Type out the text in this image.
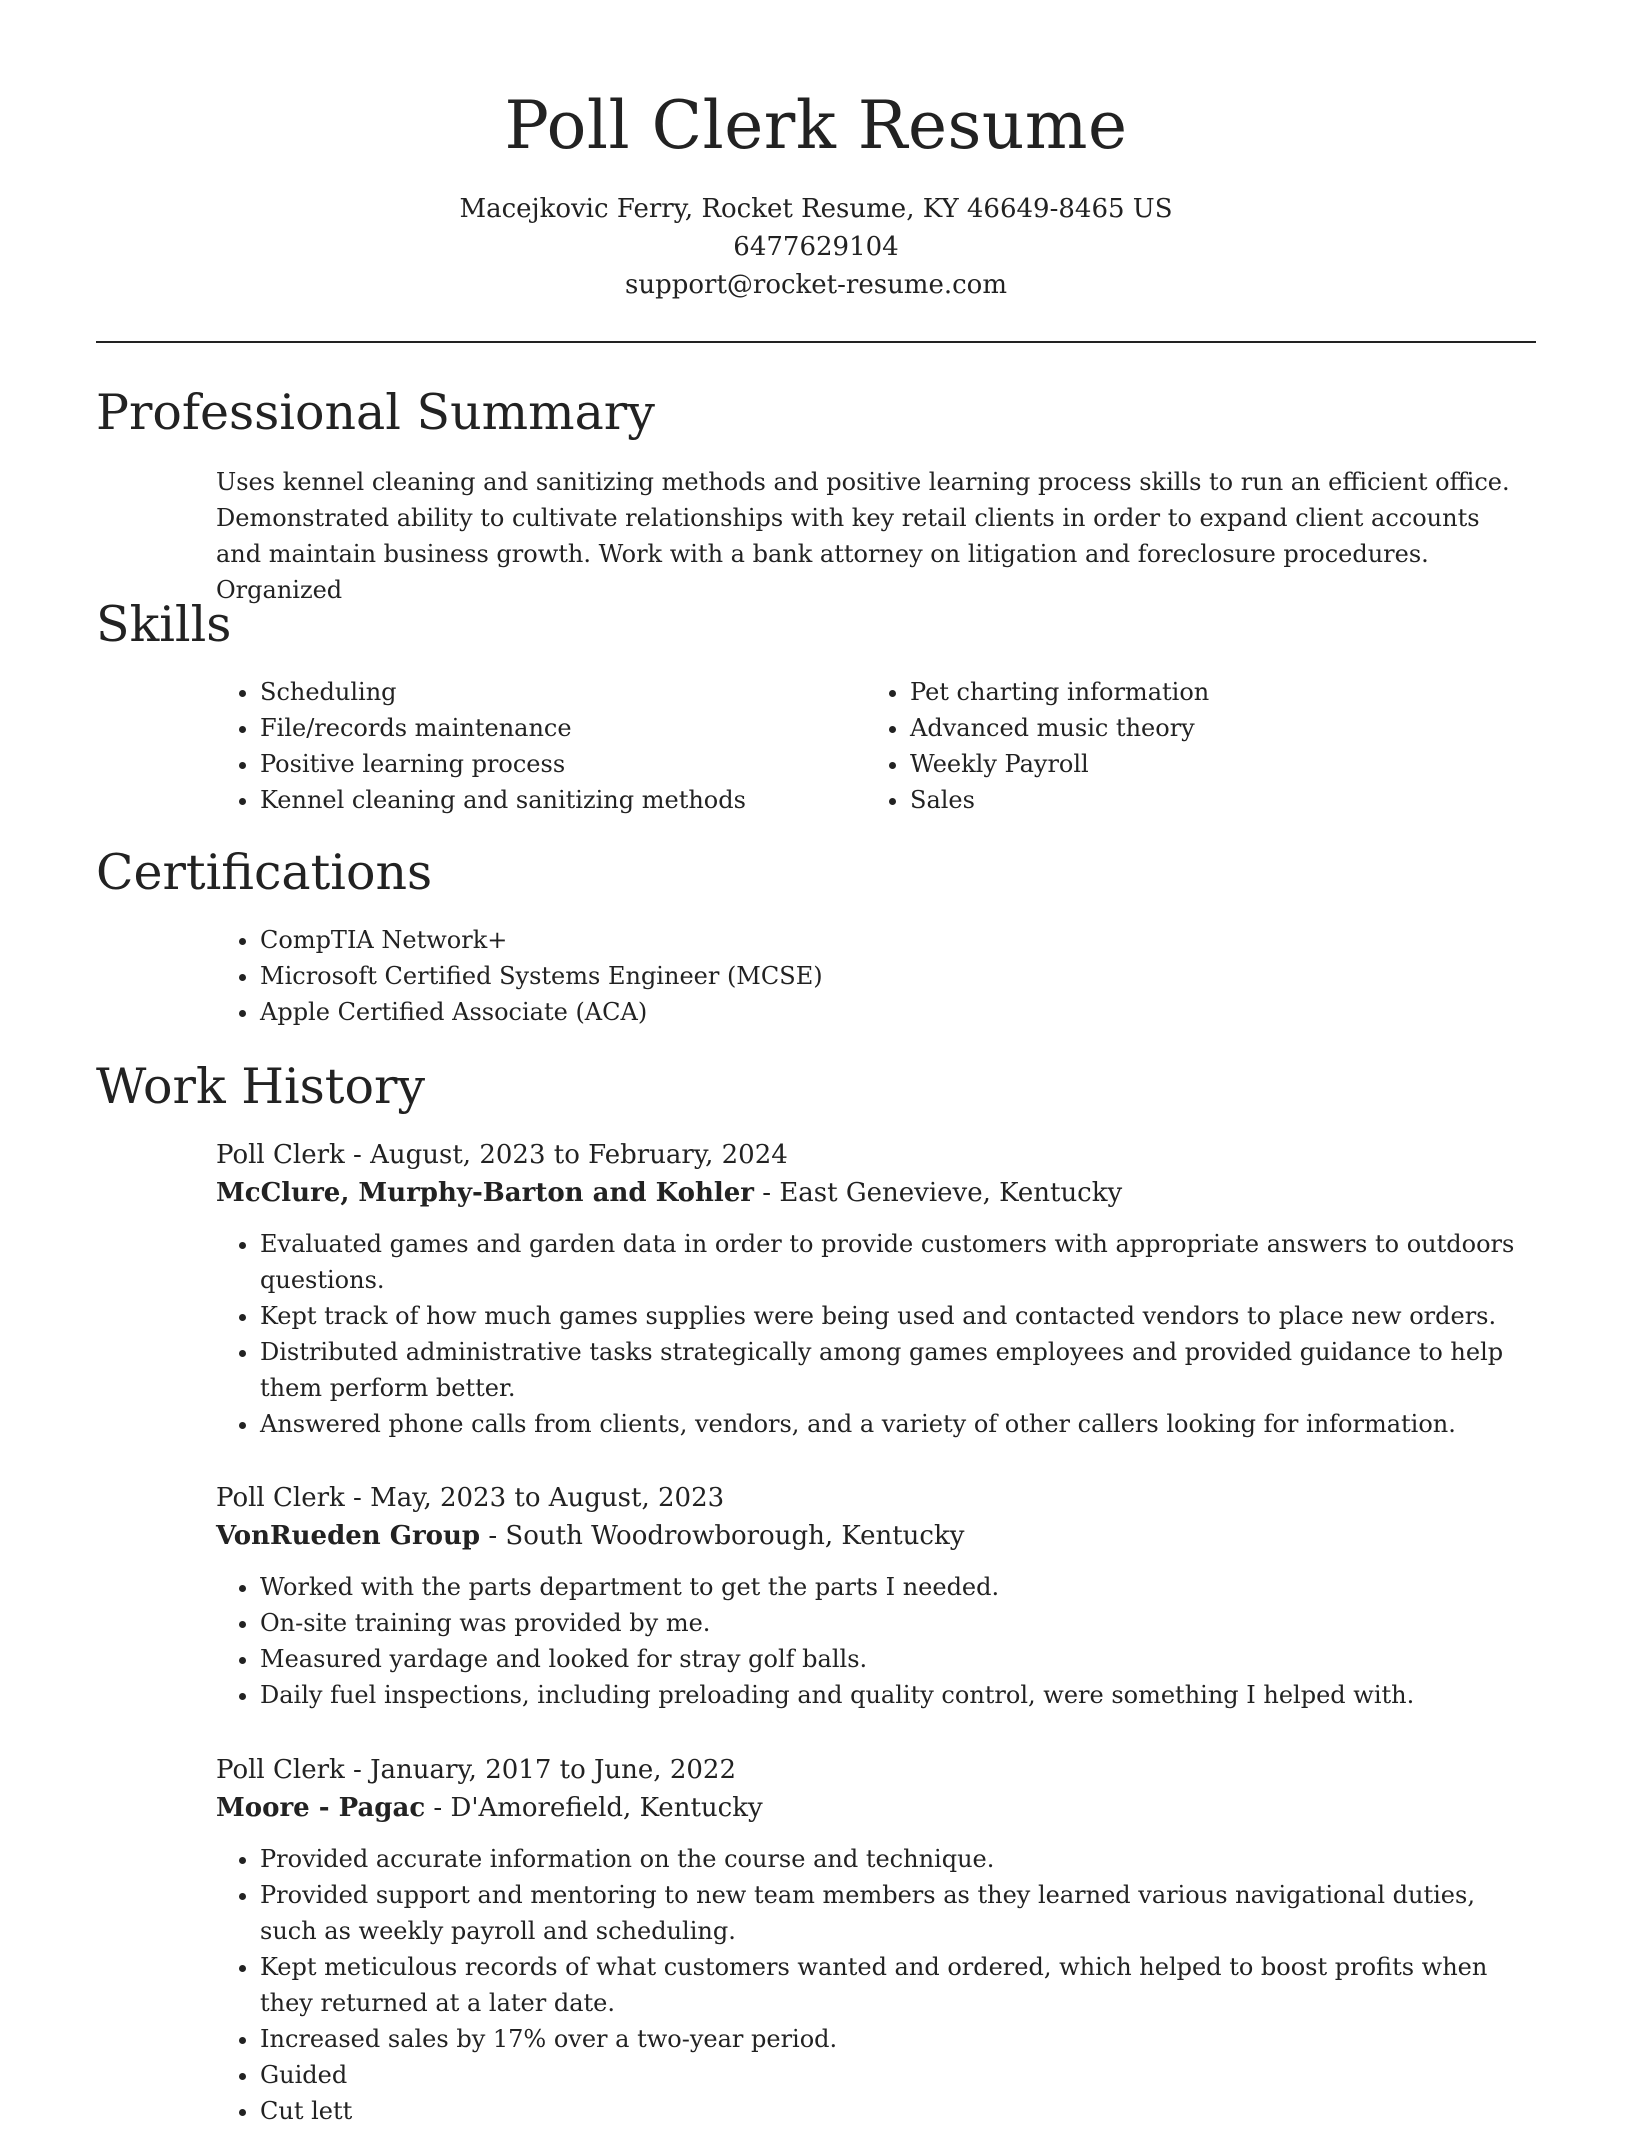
Poll Clerk Resume
Macejkovic Ferry, Rocket Resume, KY 46649-8465 US
6477629104
support@rocket-resume.com
Professional Summary

Uses kennel cleaning and sanitizing methods and positive learning process skills to run an efficient office. Demonstrated ability to cultivate relationships with key retail clients in order to expand client accounts and maintain business growth. Work with a bank attorney on litigation and foreclosure procedures. Organized

Skills
• Scheduling
• File/records maintenance
• Positive learning process
• Kennel cleaning and sanitizing methods
• Pet charting information
• Advanced music theory
• Weekly Payroll
• Sales
Certifications
• CompTIA Network+
• Microsoft Certified Systems Engineer (MCSE)
• Apple Certified Associate (ACA)
Work History
Poll Clerk - August, 2023 to February, 2024
McClure, Murphy-Barton and Kohler - East Genevieve, Kentucky
• Evaluated games and garden data in order to provide customers with appropriate answers to outdoors questions.
• Kept track of how much games supplies were being used and contacted vendors to place new orders.
• Distributed administrative tasks strategically among games employees and provided guidance to help them perform better.
• Answered phone calls from clients, vendors, and a variety of other callers looking for information.
Poll Clerk - May, 2023 to August, 2023
VonRueden Group - South Woodrowborough, Kentucky
• Worked with the parts department to get the parts I needed.
• On-site training was provided by me.
• Measured yardage and looked for stray golf balls.
• Daily fuel inspections, including preloading and quality control, were something I helped with.
Poll Clerk - January, 2017 to June, 2022
Moore - Pagac - D'Amorefield, Kentucky
• Provided accurate information on the course and technique.
• Provided support and mentoring to new team members as they learned various navigational duties, such as weekly payroll and scheduling.
• Kept meticulous records of what customers wanted and ordered, which helped to boost profits when they returned at a later date.
• Increased sales by 17% over a two-year period.
• Guided
• Cut lett
